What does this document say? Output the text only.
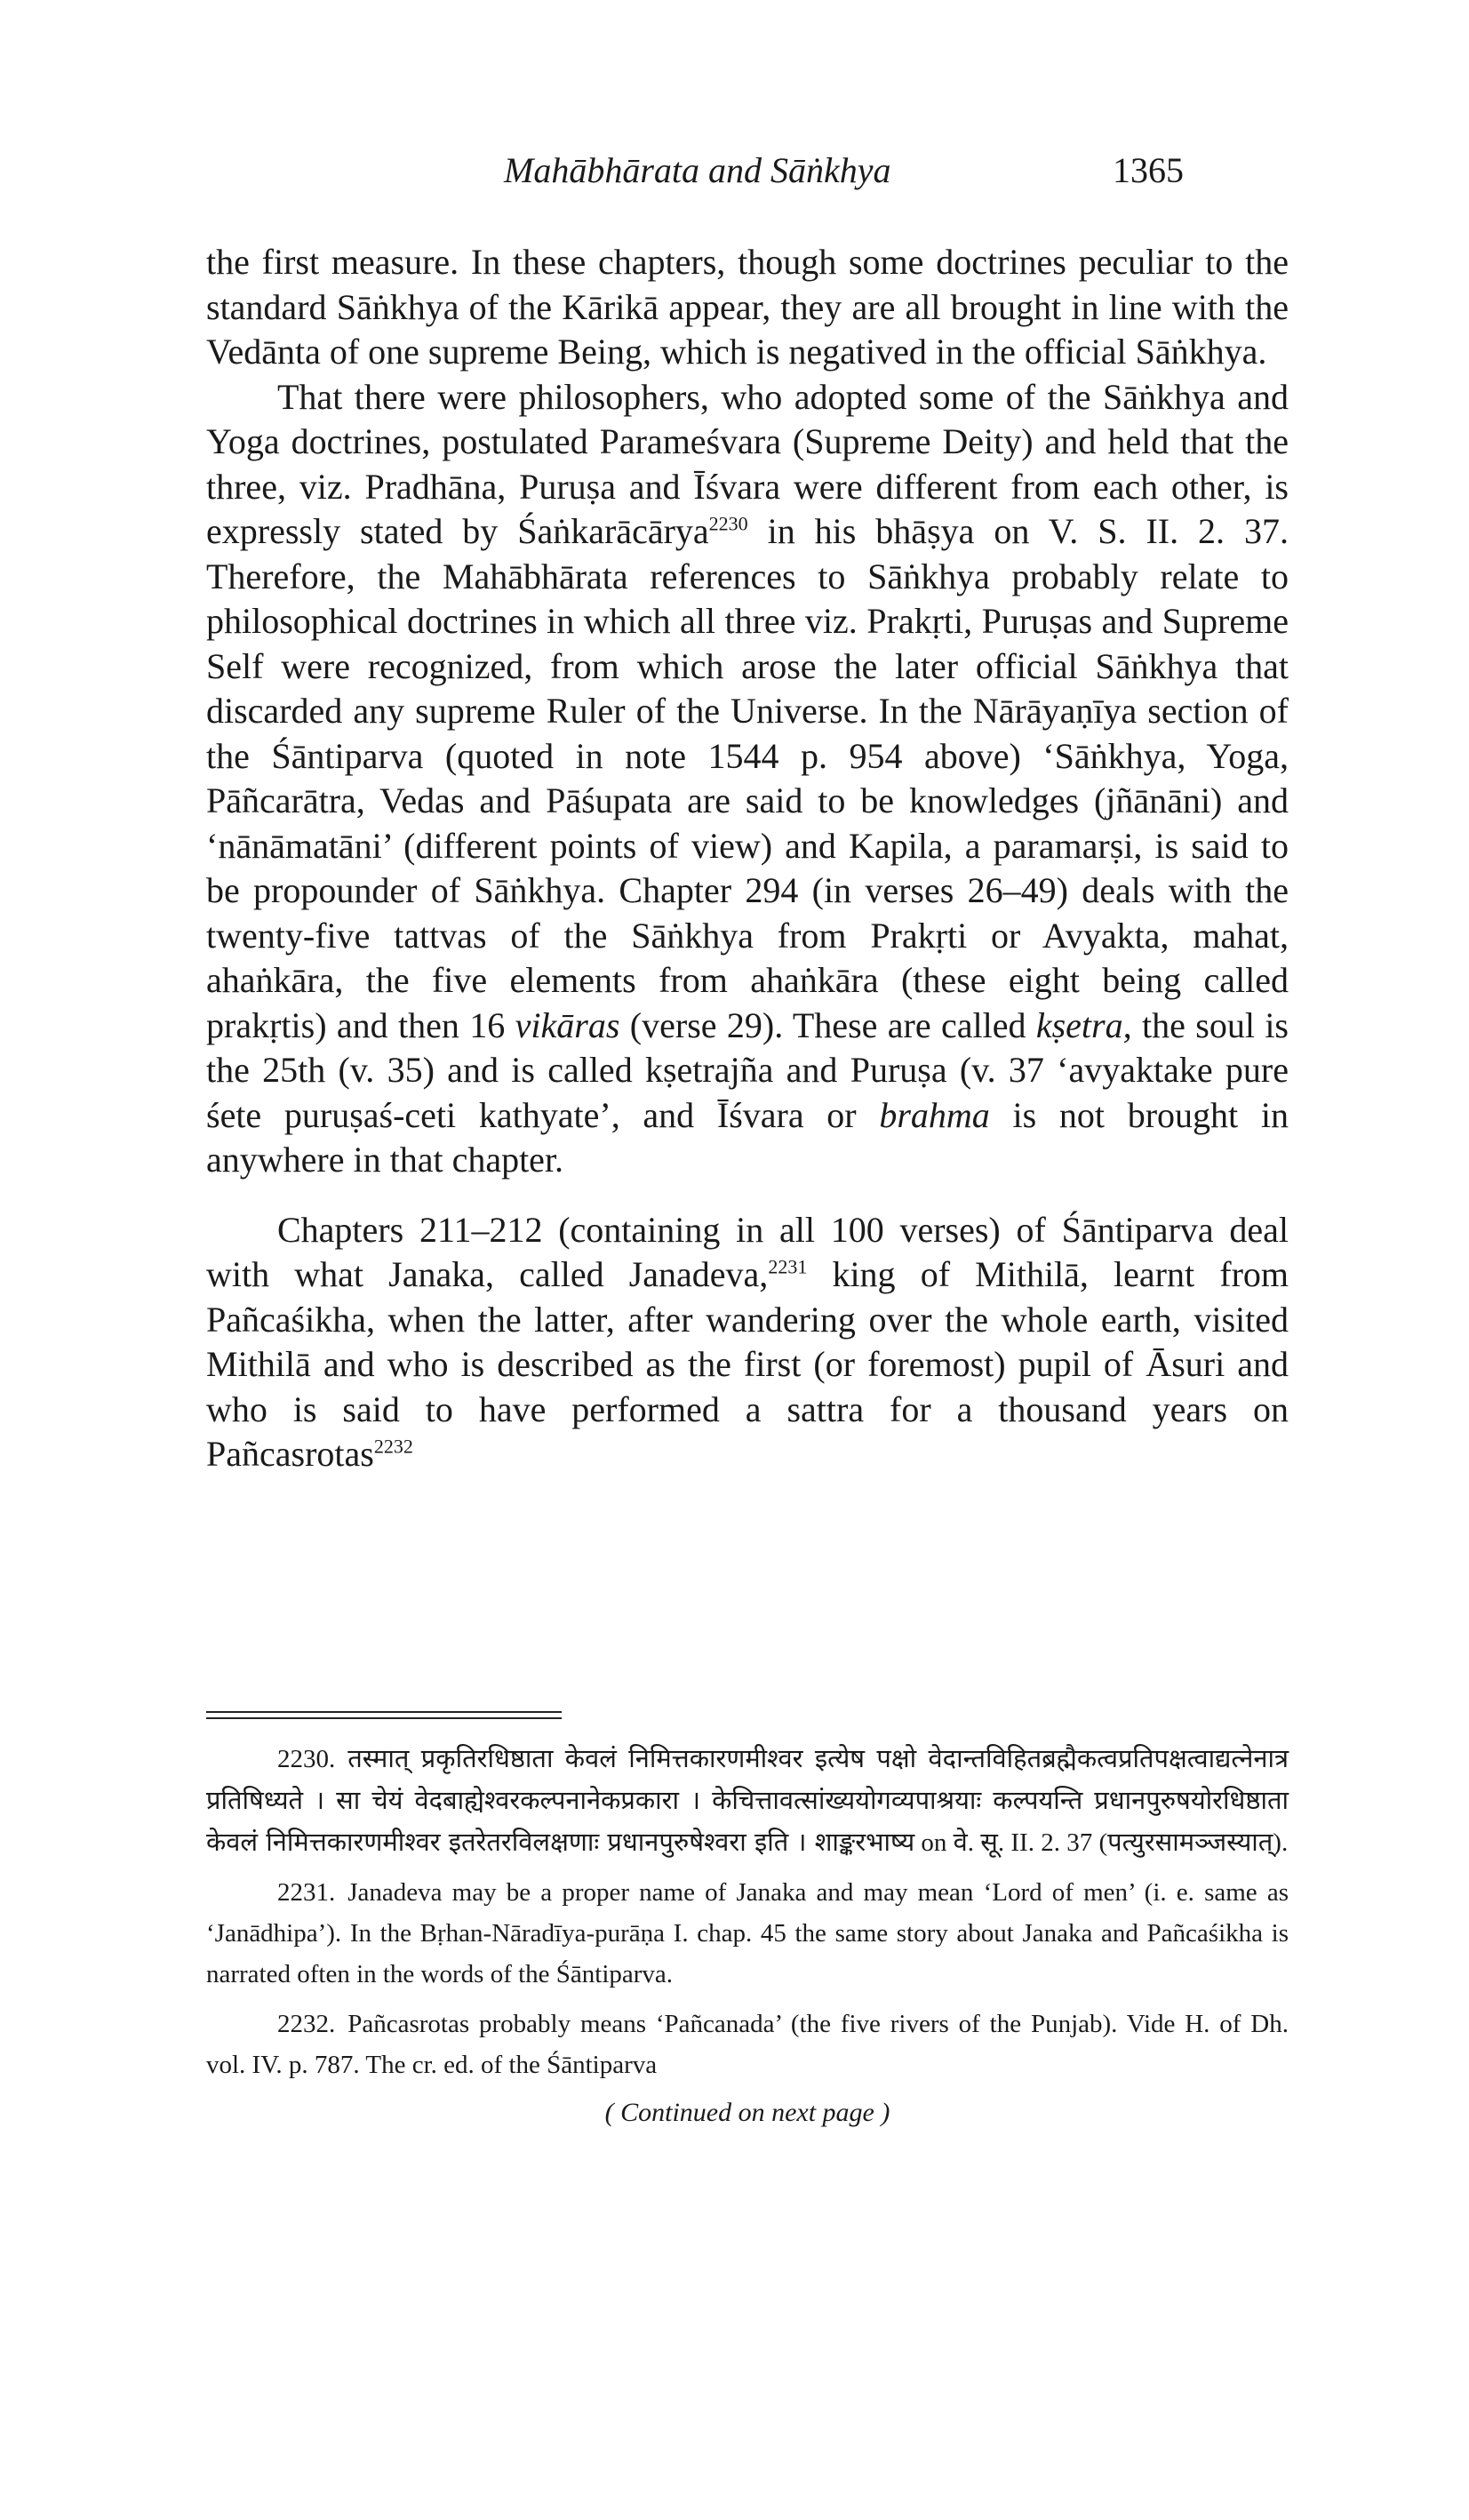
Mahābhārata and Sāṅkhya	1365

the first measure. In these chapters, though some doctrines peculiar to the standard Sāṅkhya of the Kārikā appear, they are all brought in line with the Vedānta of one supreme Being, which is negatived in the official Sāṅkhya.

That there were philosophers, who adopted some of the Sāṅkhya and Yoga doctrines, postulated Parameśvara (Supreme Deity) and held that the three, viz. Pradhāna, Puruṣa and Īśvara were different from each other, is expressly stated by Śaṅkarācārya$^{2230}$ in his bhāṣya on V. S. II. 2. 37. Therefore, the Mahābhārata references to Sāṅkhya probably relate to philosophical doctrines in which all three viz. Prakṛti, Puruṣas and Supreme Self were recognized, from which arose the later official Sāṅkhya that discarded any supreme Ruler of the Universe. In the Nārāyaṇīya section of the Śāntiparva (quoted in note 1544 p. 954 above) ‘Sāṅkhya, Yoga, Pāñcarātra, Vedas and Pāśupata are said to be knowledges (jñānāni) and ‘nānāmatāni’ (different points of view) and Kapila, a paramarṣi, is said to be propounder of Sāṅkhya. Chapter 294 (in verses 26–49) deals with the twenty-five tattvas of the Sāṅkhya from Prakṛti or Avyakta, mahat, ahaṅkāra, the five elements from ahaṅkāra (these eight being called prakṛtis) and then 16 vikāras (verse 29). These are called kṣetra, the soul is the 25th (v. 35) and is called kṣetrajña and Puruṣa (v. 37 ‘avyaktake pure śete puruṣaś-ceti kathyate’, and Īśvara or brahma is not brought in anywhere in that chapter.

Chapters 211–212 (containing in all 100 verses) of Śāntiparva deal with what Janaka, called Janadeva,$^{2231}$ king of Mithilā, learnt from Pañcaśikha, when the latter, after wandering over the whole earth, visited Mithilā and who is described as the first (or foremost) pupil of Āsuri and who is said to have performed a sattra for a thousand years on Pañcasrotas$^{2232}$

2230. तस्मात् प्रकृतिरधिष्ठाता केवलं निमित्तकारणमीश्वर इत्येष पक्षो वेदान्तविहितब्रह्मैकत्वप्रतिपक्षत्वाद्यत्नेनात्र प्रतिषिध्यते । सा चेयं वेदबाह्येश्वरकल्पनानेकप्रकारा । केचित्तावत्सांख्ययोगव्यपाश्रयाः कल्पयन्ति प्रधानपुरुषयोरधिष्ठाता केवलं निमित्तकारणमीश्वर इतरेतरविलक्षणाः प्रधानपुरुषेश्वरा इति । शाङ्करभाष्य on वे. सू. II. 2. 37 (पत्युरसामञ्जस्यात्).

2231. Janadeva may be a proper name of Janaka and may mean ‘Lord of men’ (i. e. same as ‘Janādhipa’). In the Bṛhan-Nāradīya-purāṇa I. chap. 45 the same story about Janaka and Pañcaśikha is narrated often in the words of the Śāntiparva.

2232. Pañcasrotas probably means ‘Pañcanada’ (the five rivers of the Punjab). Vide H. of Dh. vol. IV. p. 787. The cr. ed. of the Śāntiparva

( Continued on next page )
